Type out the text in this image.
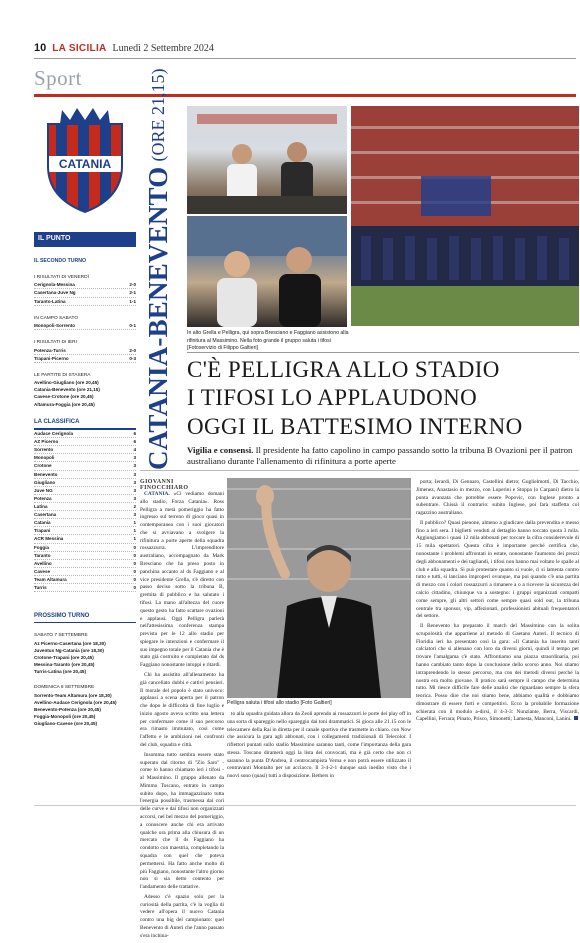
10 LA SICILIA Lunedì 2 Settembre 2024
Sport
CATANIA
IL PUNTO
IL SECONDO TURNO
I RISULTATI DI VENERDÌ
Cerignola-Messina	2-0
Casertana-Juve Ng	2-1
Taranto-Latina	1-1
IN CAMPO SABATO
Monopoli-Sorrento	0-1
I RISULTATI DI IERI
Potenza-Turris	2-0
Trapani-Picerno	0-3
LE PARTITE DI STASERA
Avellino-Giugliano (ore 20,45)
Catania-Benevento (ore 21,15)
Cavese-Crotone (ore 20,45)
Altamura-Foggia (ore 20,45)
LA CLASSIFICA
Audace Cerignola	6
AZ Picerno	6
Sorrento	4
Monopoli	3
Crotone	3
Benevento	3
Giugliano	3
Juve NG	3
Potenza	3
Latina	2
Casertana	3
Catania	1
Trapani	1
ACR Messina	1
Foggia	0
Taranto	0
Avellino	0
Cavese	0
Team Altamura	0
Turris	0
PROSSIMO TURNO
SABATO 7 SETTEMBRE
Az Picerno-Casertana (ore 18,30)
Juventus Ng-Catania (ore 18,30)
Crotone-Trapani (ore 20,45)
Messina-Taranto (ore 20,45)
Turris-Latina (ore 20,45)
DOMENICA 8 SETTEMBRE
Sorrento-Team Altamura (ore 18,30)
Avellino-Audace Cerignola (ore 20,45)
Benevento-Potenza (ore 20,45)
Foggia-Monopoli (ore 20,45)
Giugliano-Cavese (ore 20,45)
CATANIA-BENEVENTO
(ORE 21,15)
In alto Grella e Pelligra, qui sopra Bresciano e Faggiano assistono alla rifinitura al Massimino. Nella foto grande il gruppo saluta i tifosi [Fotoservizio di Filippo Galtieri]
C'È PELLIGRA ALLO STADIO
I TIFOSI LO APPLAUDONO
OGGI IL BATTESIMO INTERNO
Vigilia e consensi. Il presidente ha fatto capolino in campo passando sotto la tribuna B Ovazioni per il patron australiano durante l'allenamento di rifinitura a porte aperte
GIOVANNI FINOCCHIARO

CATANIA. «Ci vediamo domani allo stadio, Forza Catania». Ross Pelligra a metà pomeriggio ha fatto ingresso sul terreno di gioco quasi in contemporanea con i suoi giocatori che si avviavano a svolgere la rifinitura a porte aperte della squadra rossazzurra. L'imprenditore australiano, accompagnato da Mark Bresciano che ha preso posto in panchina accanto al ds Faggiano e al vice presidente Grella, s'è diretto con passo deciso sotto la tribuna B, gremita di pubblico e ha salutato i tifosi. La mano all'altezza del cuore questo gesto ha fatto scattare ovazioni e applausi. Oggi Pelligra parlerà nell'attesissima conferenza stampa prevista per le 12 allo stadio per spiegare le intenzioni e confermare il suo impegno totale per il Catania che è stato già costruito e completato dal ds Faggiano nonostante intoppi e ritardi.

Chi ha assistito all'allenamento ha già cancellato dubbi e cattivi pensieri. Il morale del popolo è stato univoco: applausi a scena aperta per il patron che dopo le difficoltà di fine luglio e inizio agosto aveva scritto una lettera per confermare come il suo percorso era rimasto immutato, così come l'affetto e le ambizioni nei confronti del club, squadra e città.

Insomma tutto sembra essere stato superato dal ritorno di "Zio Saro" - come lo hanno chiamato ieri i tifosi - al Massimino. Il gruppo allenato da Mimmo Toscano, entrato in campo subito dopo, ha immagazzinato tutta l'energia possibile, trasmessa dai cori delle curve e dai tifosi non organizzati accorsi, nel bel mezzo del pomeriggio, a conoscere anche chi era arrivato qualche ora prima alla chiusura di un mercato che il ds Faggiano ha condotto con maestria, completando la squadra con quel che poteva permettersi. Ha fatto anche molto di più Faggiano, nonostante l'altro giorno non si sia detto contento per l'andamento delle trattative.

Adesso c'è spazio solo per la curiosità della partita, c'è la voglia di vedere all'opera il nuovo Catania contro una big del campionato: quel Benevento di Auteri che l'anno passato s'era inchina-

Pelligra saluta i tifosi allo stadio [Foto Galtieri]

to alla squadra guidata allora da Zeoli aprendo ai rossazzurri le porte dei play off in una sorta di spareggio nello spareggio dai toni drammatici. Si gioca alle 21.15 con le telecamere della Rai in diretta per il canale sportivo che trasmette in chiaro. con Now che assicura la gara agli abbonati, con i collegamenti tradizionali di Telecolor. I riflettori puntati sullo stadio Massimino saranno tanti, come l'importanza della gara stessa. Toscano diramerà oggi la lista dei convocati, ma è già certo che non ci saranno la punta D'Andrea, il centrocampista Verna e non potrà essere utilizzato il centravanti Montalto per un acciacco. Il 3-4-2-1 dunque sarà inedito visto che i nuovi sono (quasi) tutti a disposizione. Bethers in

porta; Ierardi, Di Gennaro, Castellini dietro; Guglielmotti, Di Tacchio, Jimenez, Anastasio in mezzo, con Luperini e Stoppa (o Carpani) dietro la punta avanzata che potrebbe essere Popovic, con Inglese pronto a subentrare. Chissà il contrario: subito Inglese, poi farà staffetta col ragazzino australiano.

Il pubblico? Quasi pienone, almeno a giudicare dalla prevendita e messo fino a ieri sera. I biglietti venduti al dettaglio hanno toccato quota 3 mila. Aggiungiamo i quasi 12 mila abbonati per toccare la cifra considerevole di 15 mila spettatori. Questa cifra è importante perché certifica che, nonostante i problemi affrontati in estate, nonostante l'aumento dei prezzi degli abbonamenti e dei tagliandi, i tifosi non hanno mai voltato le spalle al club e alla squadra. Si può protestare quanto si vuole, ci si lamenta contro tutto e tutti, si lanciano improperi ovunque, ma poi quando c'è una partita di mezzo con i colori rossazzurri a rimanere a o a ricevere la sicurezza del calcio cittadino, chiunque va a sostegno: i gruppi organizzati compatti come sempre, gli altri settori come sempre quasi sold out, la tribuna centrale tra sponsor, vip, affezionati, professionisti abituali frequentatori del settore.

Il Benevento ha preparato il match del Massimino con la solita scrupolosità che appartiene al metodo di Gaetano Auteri. Il tecnico di Floridia ieri ha presentato così la gara: «Il Catania ha inserito tanti calciatori che si allenano con loro da diversi giorni, quindi il tempo per trovare l'amalgama c'è stato. Affrontiamo una piazza straordinaria, poi hanno cambiato tanto dopo la conclusione dello scorso anno. Noi stiamo intraprendendo lo stesso percorso, ma con dei metodi diversi perché la nostra era molto giovane. Il pratico sarà sempre il campo che determina tutto. Mi riesce difficile fare delle analisi che riguardano sempre la sfera teorica. Posso dire che noi stiamo bene, abbiamo qualità e dobbiamo dimostrare di essere forti e competitivi. Ecco la probabile formazione schierata con il modulo a-dirsi, il 4-3-3: Nunziante, Berra, Viscardi, Capellini, Ferrara; Pinato, Prisco, Simonetti; Lamesta, Manconi, Lanini.
